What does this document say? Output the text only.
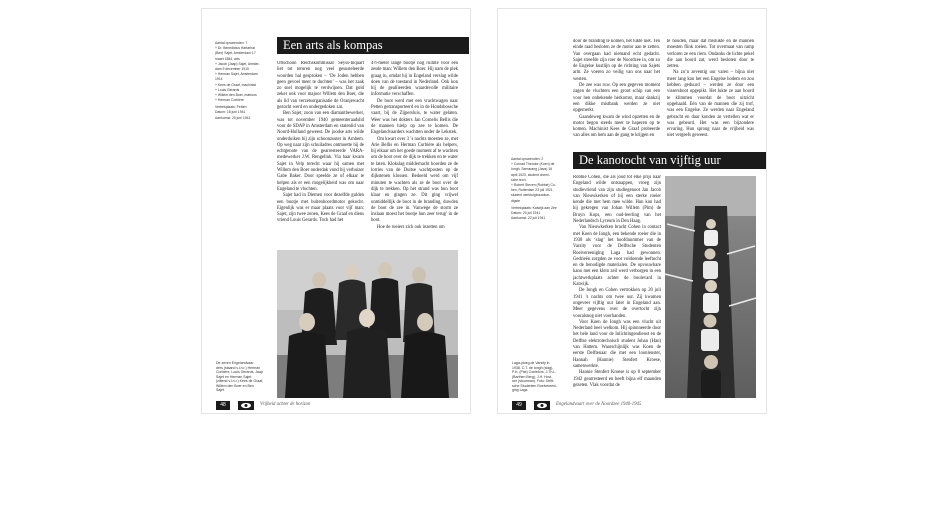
Aantal opvarenden: 7
+ Dr. Benedictus Hartarhal
(Ben) Sajet, Amsterdam 17
maart 1884, arts
+ Jacob (Jaap) Sajet, Amster-
dam 9 december 1915
+ Herman Sajet, Amsterdam
1914
+ Kees de Graaf, machinist
+ Louis Gerards
+ Willem den Boer, matroos
+ Herman Corbière
Vertrekplaats: Petten
Datum: 18 juni 1941
Aankomst: 20 juni 1941
Een arts als kompas

Oflschoon Reichskommissar Seyss-Inquart liet tot teruren nog veel gesusteleerde woorden hal gesproken – ‘De Joden hebben geen gevoel meer te duchten’ – was het zaak zo snel mogelijk te verdwijnen. Dat gold zeker ook voor majoor Willem den Boer, die als lid van verzetsorganisatie de Oranjewacht gezocht werd en ondergedoken zat.

Ben Sajet, zoon van een diamantbewerker, was tot november 1940 gemeenteraadslid voor de SDAP in Amsterdam en statenlid van Noord-Holland geweest. De joodse arts wilde onderduiken bij zijn schoonzuster in Arnhem. Op weg naar zijn schuiladres ontmoette hij de echtgenote van de gearresteerde VARA-medewerker J.W. Rengelink. Via haar kwam Sajet in Velp terecht waar hij samen met Willem den Boer onderdak vond bij verhuizer Gabe Baker. Door speelde ze of elkaar te helpen als er een mogelijkheid was om naar Engeland te vluchten.

Sajet had in Diemen voor dezelfde gulden een bootje met buitenboordmotor gekocht. Eigenlijk was er maar plaats voor vijf man: Sajet, zijn twee zonen, Kees de Graaf en diens vriend Louis Gerards. Toch had het

4½-meter lange bootje nog ruimte voor een zesde man: Willem den Boer. Hij nam de plek graag in, omdat hij in Engeland verslag wilde doen van de toestand in Nederland. Ook kon hij de geallieerden waardevolle militaire informatie verschaffen.

De boot werd met een vrachtwagen naar Petten getransporteerd en in de Hondsbossche vaart, bij de Zijpersluis, te water gelaten. Weer was het dokters Jan Cornelis Bellis die de mannen hielp op zee te komen. De Engelandvaarders wachtten onder de Lekstek.

Om kwart over 3 ’s nachts moesten ze, met Arie Bellis en Herman Corbière als helpers, bij elkaar om het goede moment af te wachten om de boot over de dijk te trekken en te water te laten. Klokslag middernacht hoorden ze de lorries van de Duitse wachtposten op de dijkstenen klossen. Bedoeld werd om vijf minuten te wachten als ze de boot over de dijk te trekken. Op het strand was hun boot klaar en gingen ze. Dit ging vrijwel onmiddellijk de boot in de branding, duwden de boot de zee in. Vanwege de storm ze inslaan moest het bootje hun zeer terug’ in de boot.

Hoe de roeiers zich ook inzetten om

De zeven Engelandvaar-
ders (staand v.l.n.r.) Herman
Corbière, Louis Gerards, Jaap
Sajet en Herman Sajet.
(zittend v.l.n.r.) Kees de Graaf,
Willem den Boer en Ben
Sajet.
48	Vrijheid achter de horizon

door de branding te komen, het lukte niet. Ten einde raad besloten ze de motor aan te zetten. Van overgaan had niemand echt gedacht. Sajet streefde zijn roer de Noordzee in, om zo de Engelse kustlijn op de richting van Sajets arm. Ze voeren zo veilig van ons naar het westen.

De zee was ruw. Op een gegeven moment zagen de vluchters een groot schip van een voor hen onbekende herkomst, maar dankzij een dikke mistbank werden ze niet opgemerkt.

Gaandeweg kwam de wind opzetten en de motor begon steeds meer te haperen op te komen. Machinist Kees de Graaf probeerde van alles om hem aan de gang te krijgen en

te houden, maar dat mislukte en de mannen moesten flink roeien. Tot overmaat van ramp verloren ze een riem. Ondanks de lichte pekel die aan boord zat, werd besloten door te zetten.

Na zo’n zeventig uur varen – bijna niet meer lang kon het een Engelse bodem en zou hebben geduurd – werden ze door een vissersboot opgepikt. Het lukte ze aan boord te klimmen voordat de boot uitzicht opgehaald. Eén van de mannen die zij trof, was een Engelse. Ze werden naar Engeland gebracht en daar konden ze vertellen wat er was gebeurd. Het was een bijzondere ervaring. Hun sprong naar de vrijheid was niet vergeefs geweest.

De kanotocht van vijftig uur
Aantal opvarenden: 2
+ Conrad Theodor (Koen) de
Iongh, Semarang (Java) 16
april 1920, student chemi-
sche tech.
+ Robert Steven (Robbie) Co-
hen, Rotterdam 23 juli 1921,
student werktuigbouwkun-
digste
Vertrekplaats: Katwijk aan Zee
Datum: 20 juli 1941
Aankomst: 22 juli 1941

Robbie Cohen, die als jood tot elke prijs naar Engeland wilde ontsnappen, vroeg zijn studievriend van zijn studiegenoot Jan Jacob van Nieuwkerken of hij een sterke roeier kende die met hem mee wilde. Hun kon had hij gekregen van Johan Willem (Pim) de Bruyn Kops, een oud-leerling van het Nederlandsch Lyceum in Den Haag.

Van Nieuwkerken bracht Cohen in contact met Koen de Iongh, een bekende roeier die in 1938 als ‘slag’ het hoofdnummer van de Varsity voor de Delftsche Studenten Roeivereeniging Laga had gewonnen. Gedrieën zorgden ze voor voldoende leeftocht en de benodigde materialen. De opvouwbare kano met een klein zeil werd verborgen in een jachtwerkplaats achter de boulevard in Katwijk.

De Iongh en Cohen vertrokken op 20 juli 1941 ’s nachts om twee uur. Zij kwamen ongeveer vijftig uur later in Engeland aan. Meer gegevens over de overtocht zijn vooralsnog niet voorhanden.

Voor Koen de Iongh was een vlucht uit Nederland heel welkom. Hij spionneerde door het hele land voor de Inlichtingendienst en de Delftse elektrotechnisch student Johan (Han) van Hattem. Waarschijnlijk was Koen de eerste Delftenaar die met een loonlenster, Hannah (Hannie) Stenfert Kroese, samenwerkte.

Hannie Stenfert Kroese is op 8 september 1942 gearresteerd en heeft bijna elf maanden gezeten. Vlak voordat de

Laga-ploeg de Varsity in
1938. C.T. de Iongh (slag),
P.H. (Piet) Coelefors, J.Th.L.
(Barthen Berg), J.H. Hovi-
ner (stuurman). Foto: Delft-
sche Studenten Roeivereeni-
ging Laga.
49	Engelandvaart over de Noordzee 1940-1945
